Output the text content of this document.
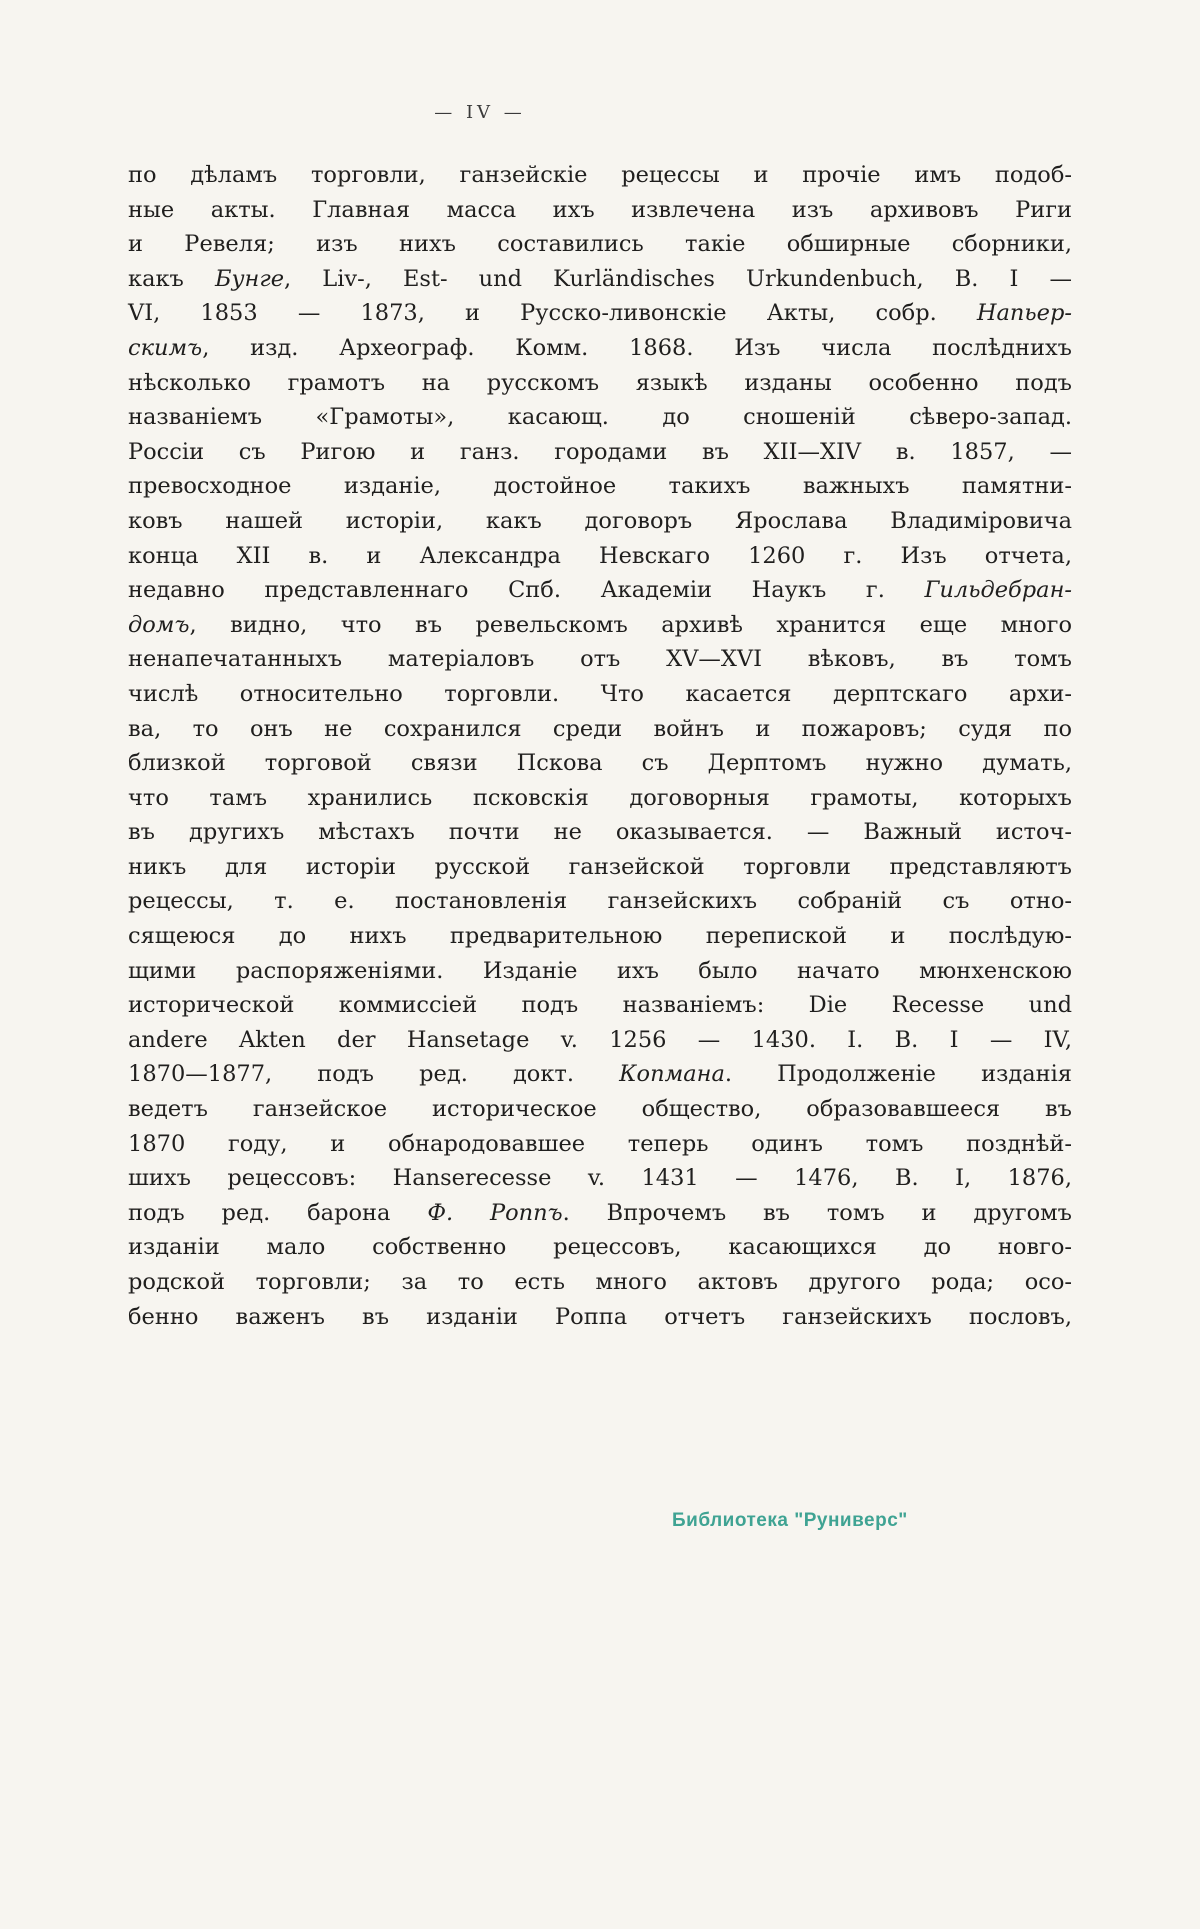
— IV —
по дѣламъ торговли, ганзейскіе рецессы и прочіе имъ подоб-
ные акты. Главная масса ихъ извлечена изъ архивовъ Риги
и Ревеля; изъ нихъ составились такіе обширные сборники,
какъ Бунге, Liv-, Est- und Kurländisches Urkundenbuch, B. I —
VI, 1853 — 1873, и Русско-ливонскіе Акты, собр. Напьер-
скимъ, изд. Археограф. Комм. 1868. Изъ числа послѣднихъ
нѣсколько грамотъ на русскомъ языкѣ изданы особенно подъ
названіемъ «Грамоты», касающ. до сношеній сѣверо-запад.
Россіи съ Ригою и ганз. городами въ XII—XIV в. 1857, —
превосходное изданіе, достойное такихъ важныхъ памятни-
ковъ нашей исторіи, какъ договоръ Ярослава Владиміровича
конца XII в. и Александра Невскаго 1260 г. Изъ отчета,
недавно представленнаго Спб. Академіи Наукъ г. Гильдебран-
домъ, видно, что въ ревельскомъ архивѣ хранится еще много
ненапечатанныхъ матеріаловъ отъ XV—XVI вѣковъ, въ томъ
числѣ относительно торговли. Что касается дерптскаго архи-
ва, то онъ не сохранился среди войнъ и пожаровъ; судя по
близкой торговой связи Пскова съ Дерптомъ нужно думать,
что тамъ хранились псковскія договорныя грамоты, которыхъ
въ другихъ мѣстахъ почти не оказывается. — Важный источ-
никъ для исторіи русской ганзейской торговли представляютъ
рецессы, т. е. постановленія ганзейскихъ собраній съ отно-
сящеюся до нихъ предварительною перепиской и послѣдую-
щими распоряженіями. Изданіе ихъ было начато мюнхенскою
исторической коммиссіей подъ названіемъ: Die Recesse und
andere Akten der Hansetage v. 1256 — 1430. I. B. I — IV,
1870—1877, подъ ред. докт. Копмана. Продолженіе изданія
ведетъ ганзейское историческое общество, образовавшееся въ
1870 году, и обнародовавшее теперь одинъ томъ позднѣй-
шихъ рецессовъ: Hanserecesse v. 1431 — 1476, B. I, 1876,
подъ ред. барона Ф. Роппъ. Впрочемъ въ томъ и другомъ
изданіи мало собственно рецессовъ, касающихся до новго-
родской торговли; за то есть много актовъ другого рода; осо-
бенно важенъ въ изданіи Роппа отчетъ ганзейскихъ пословъ,
Библиотека "Руниверс"
